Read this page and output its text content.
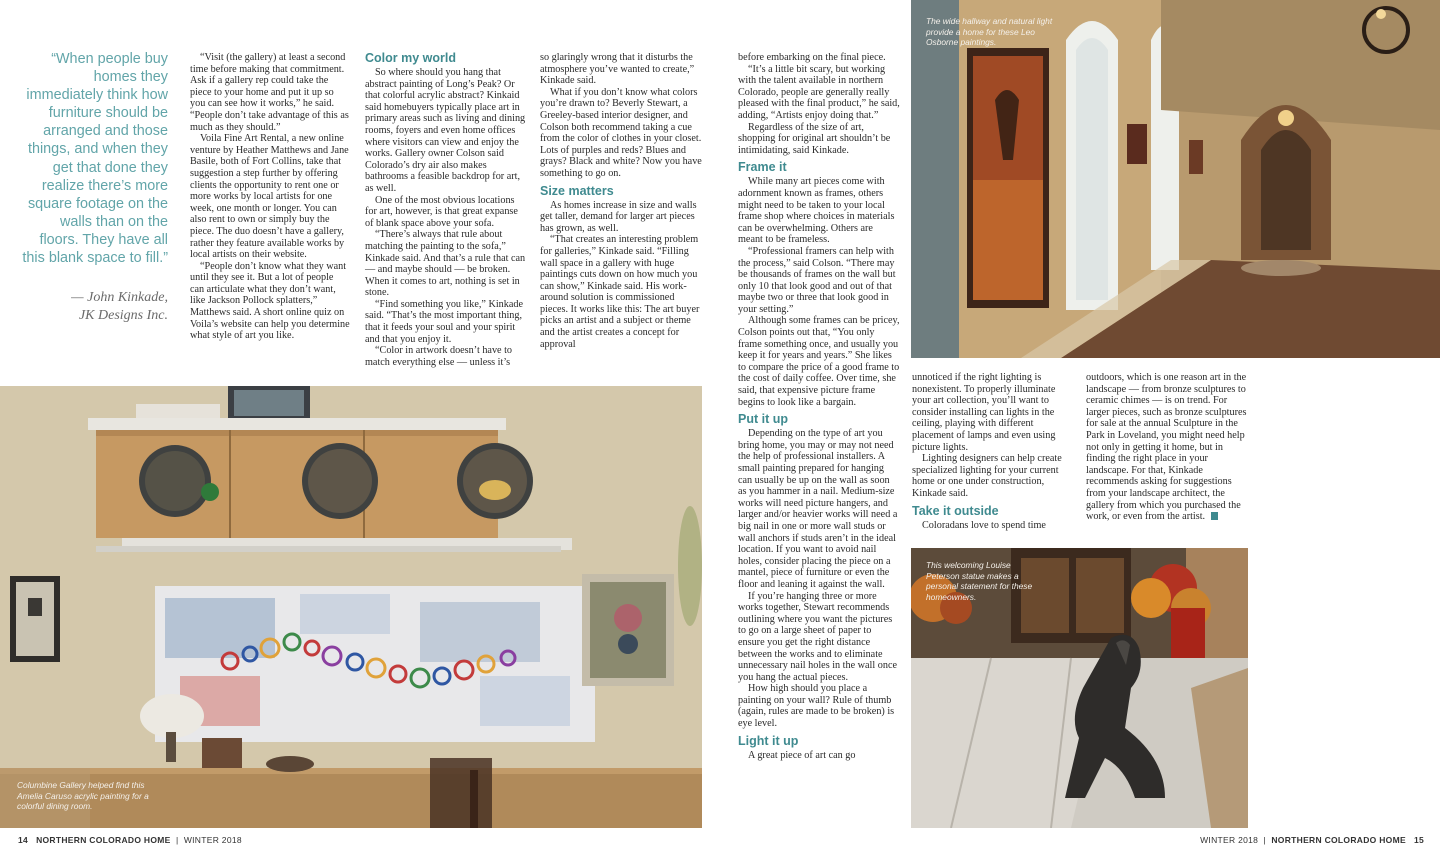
“When people buy homes they immediately think how furniture should be arranged and those things, and when they get that done they realize there’s more square footage on the walls than on the floors. They have all this blank space to fill.”
— John Kinkade,
JK Designs Inc.

“Visit (the gallery) at least a second time before making that commitment. Ask if a gallery rep could take the piece to your home and put it up so you can see how it works,” he said. “People don’t take advantage of this as much as they should.”

Voila Fine Art Rental, a new online venture by Heather Matthews and Jane Basile, both of Fort Collins, take that suggestion a step further by offering clients the opportunity to rent one or more works by local artists for one week, one month or longer. You can also rent to own or simply buy the piece. The duo doesn’t have a gallery, rather they feature available works by local artists on their website.

“People don’t know what they want until they see it. But a lot of people can articulate what they don’t want, like Jackson Pollock splatters,” Matthews said. A short online quiz on Voila’s website can help you determine what style of art you like.

Color my world

So where should you hang that abstract painting of Long’s Peak? Or that colorful acrylic abstract? Kinkaid said homebuyers typically place art in primary areas such as living and dining rooms, foyers and even home offices where visitors can view and enjoy the works. Gallery owner Colson said Colorado’s dry air also makes bathrooms a feasible backdrop for art, as well.

One of the most obvious locations for art, however, is that great expanse of blank space above your sofa.

“There’s always that rule about matching the painting to the sofa,” Kinkade said. And that’s a rule that can — and maybe should — be broken. When it comes to art, nothing is set in stone.

“Find something you like,” Kinkade said. “That’s the most important thing, that it feeds your soul and your spirit and that you enjoy it.

“Color in artwork doesn’t have to match everything else — unless it’s

so glaringly wrong that it disturbs the atmosphere you’ve wanted to create,” Kinkade said.

What if you don’t know what colors you’re drawn to? Beverly Stewart, a Greeley-based interior designer, and Colson both recommend taking a cue from the color of clothes in your closet. Lots of purples and reds? Blues and grays? Black and white? Now you have something to go on.

Size matters

As homes increase in size and walls get taller, demand for larger art pieces has grown, as well.

“That creates an interesting problem for galleries,” Kinkade said. “Filling wall space in a gallery with huge paintings cuts down on how much you can show,” Kinkade said. His work-around solution is commissioned pieces. It works like this: The art buyer picks an artist and a subject or theme and the artist creates a concept for approval

before embarking on the final piece.

“It’s a little bit scary, but working with the talent available in northern Colorado, people are generally really pleased with the final product,” he said, adding, “Artists enjoy doing that.”

Regardless of the size of art, shopping for original art shouldn’t be intimidating, said Kinkade.

Frame it

While many art pieces come with adornment known as frames, others might need to be taken to your local frame shop where choices in materials can be overwhelming. Others are meant to be frameless.

“Professional framers can help with the process,” said Colson. “There may be thousands of frames on the wall but only 10 that look good and out of that maybe two or three that look good in your setting.”

Although some frames can be pricey, Colson points out that, “You only frame something once, and usually you keep it for years and years.” She likes to compare the price of a good frame to the cost of daily coffee. Over time, she said, that expensive picture frame begins to look like a bargain.

Put it up

Depending on the type of art you bring home, you may or may not need the help of professional installers. A small painting prepared for hanging can usually be up on the wall as soon as you hammer in a nail. Medium-size works will need picture hangers, and larger and/or heavier works will need a big nail in one or more wall studs or wall anchors if studs aren’t in the ideal location. If you want to avoid nail holes, consider placing the piece on a mantel, piece of furniture or even the floor and leaning it against the wall.

If you’re hanging three or more works together, Stewart recommends outlining where you want the pictures to go on a large sheet of paper to ensure you get the right distance between the works and to eliminate unnecessary nail holes in the wall once you hang the actual pieces.

How high should you place a painting on your wall? Rule of thumb (again, rules are made to be broken) is eye level.

Light it up

A great piece of art can go

unnoticed if the right lighting is nonexistent. To properly illuminate your art collection, you’ll want to consider installing can lights in the ceiling, playing with different placement of lamps and even using picture lights.

Lighting designers can help create specialized lighting for your current home or one under construction, Kinkade said.

Take it outside

Coloradans love to spend time

outdoors, which is one reason art in the landscape — from bronze sculptures to ceramic chimes — is on trend. For larger pieces, such as bronze sculptures for sale at the annual Sculpture in the Park in Loveland, you might need help not only in getting it home, but in finding the right place in your landscape. For that, Kinkade recommends asking for suggestions from your landscape architect, the gallery from which you purchased the work, or even from the artist.

Columbine Gallery helped find this Amelia Caruso acrylic painting for a colorful dining room.
The wide hallway and natural light provide a home for these Leo Osborne paintings.
This welcoming Louise Peterson statue makes a personal statement for these homeowners.
14 NORTHERN COLORADO HOME | WINTER 2018	WINTER 2018 | NORTHERN COLORADO HOME 15
